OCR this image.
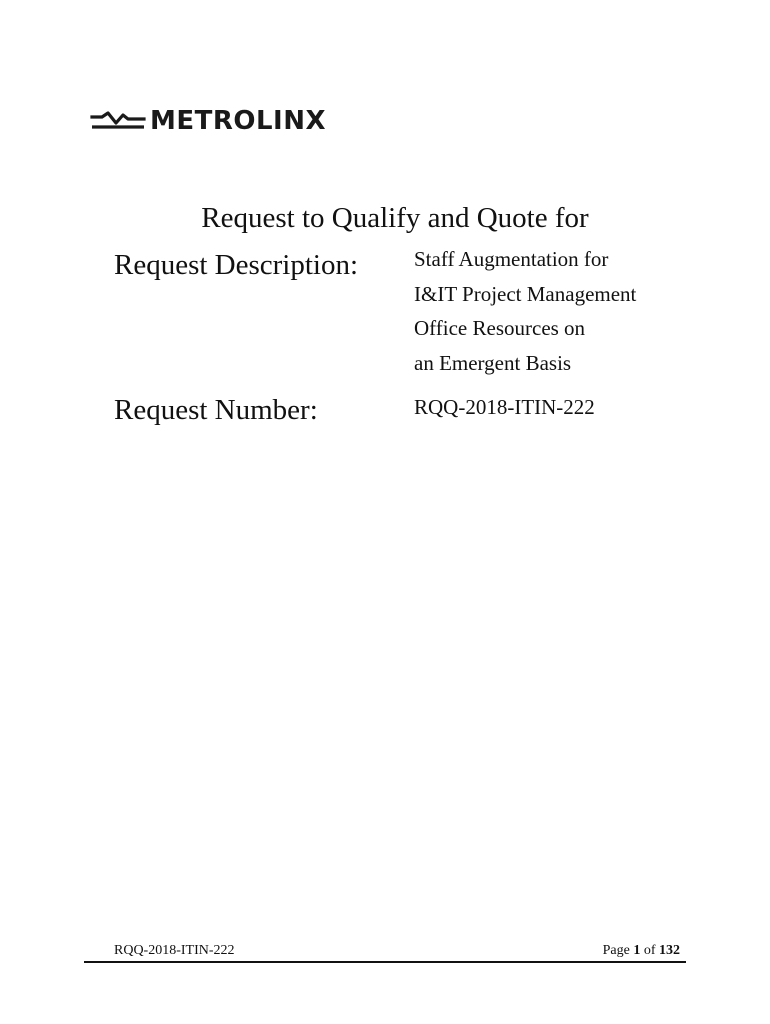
METROLINX
Request to Qualify and Quote for

Request Description:	Staff Augmentation for
I&IT Project Management
Office Resources on
an Emergent Basis

Request Number:	RQQ-2018-ITIN-222

RQQ-2018-ITIN-222	Page 1 of 132
